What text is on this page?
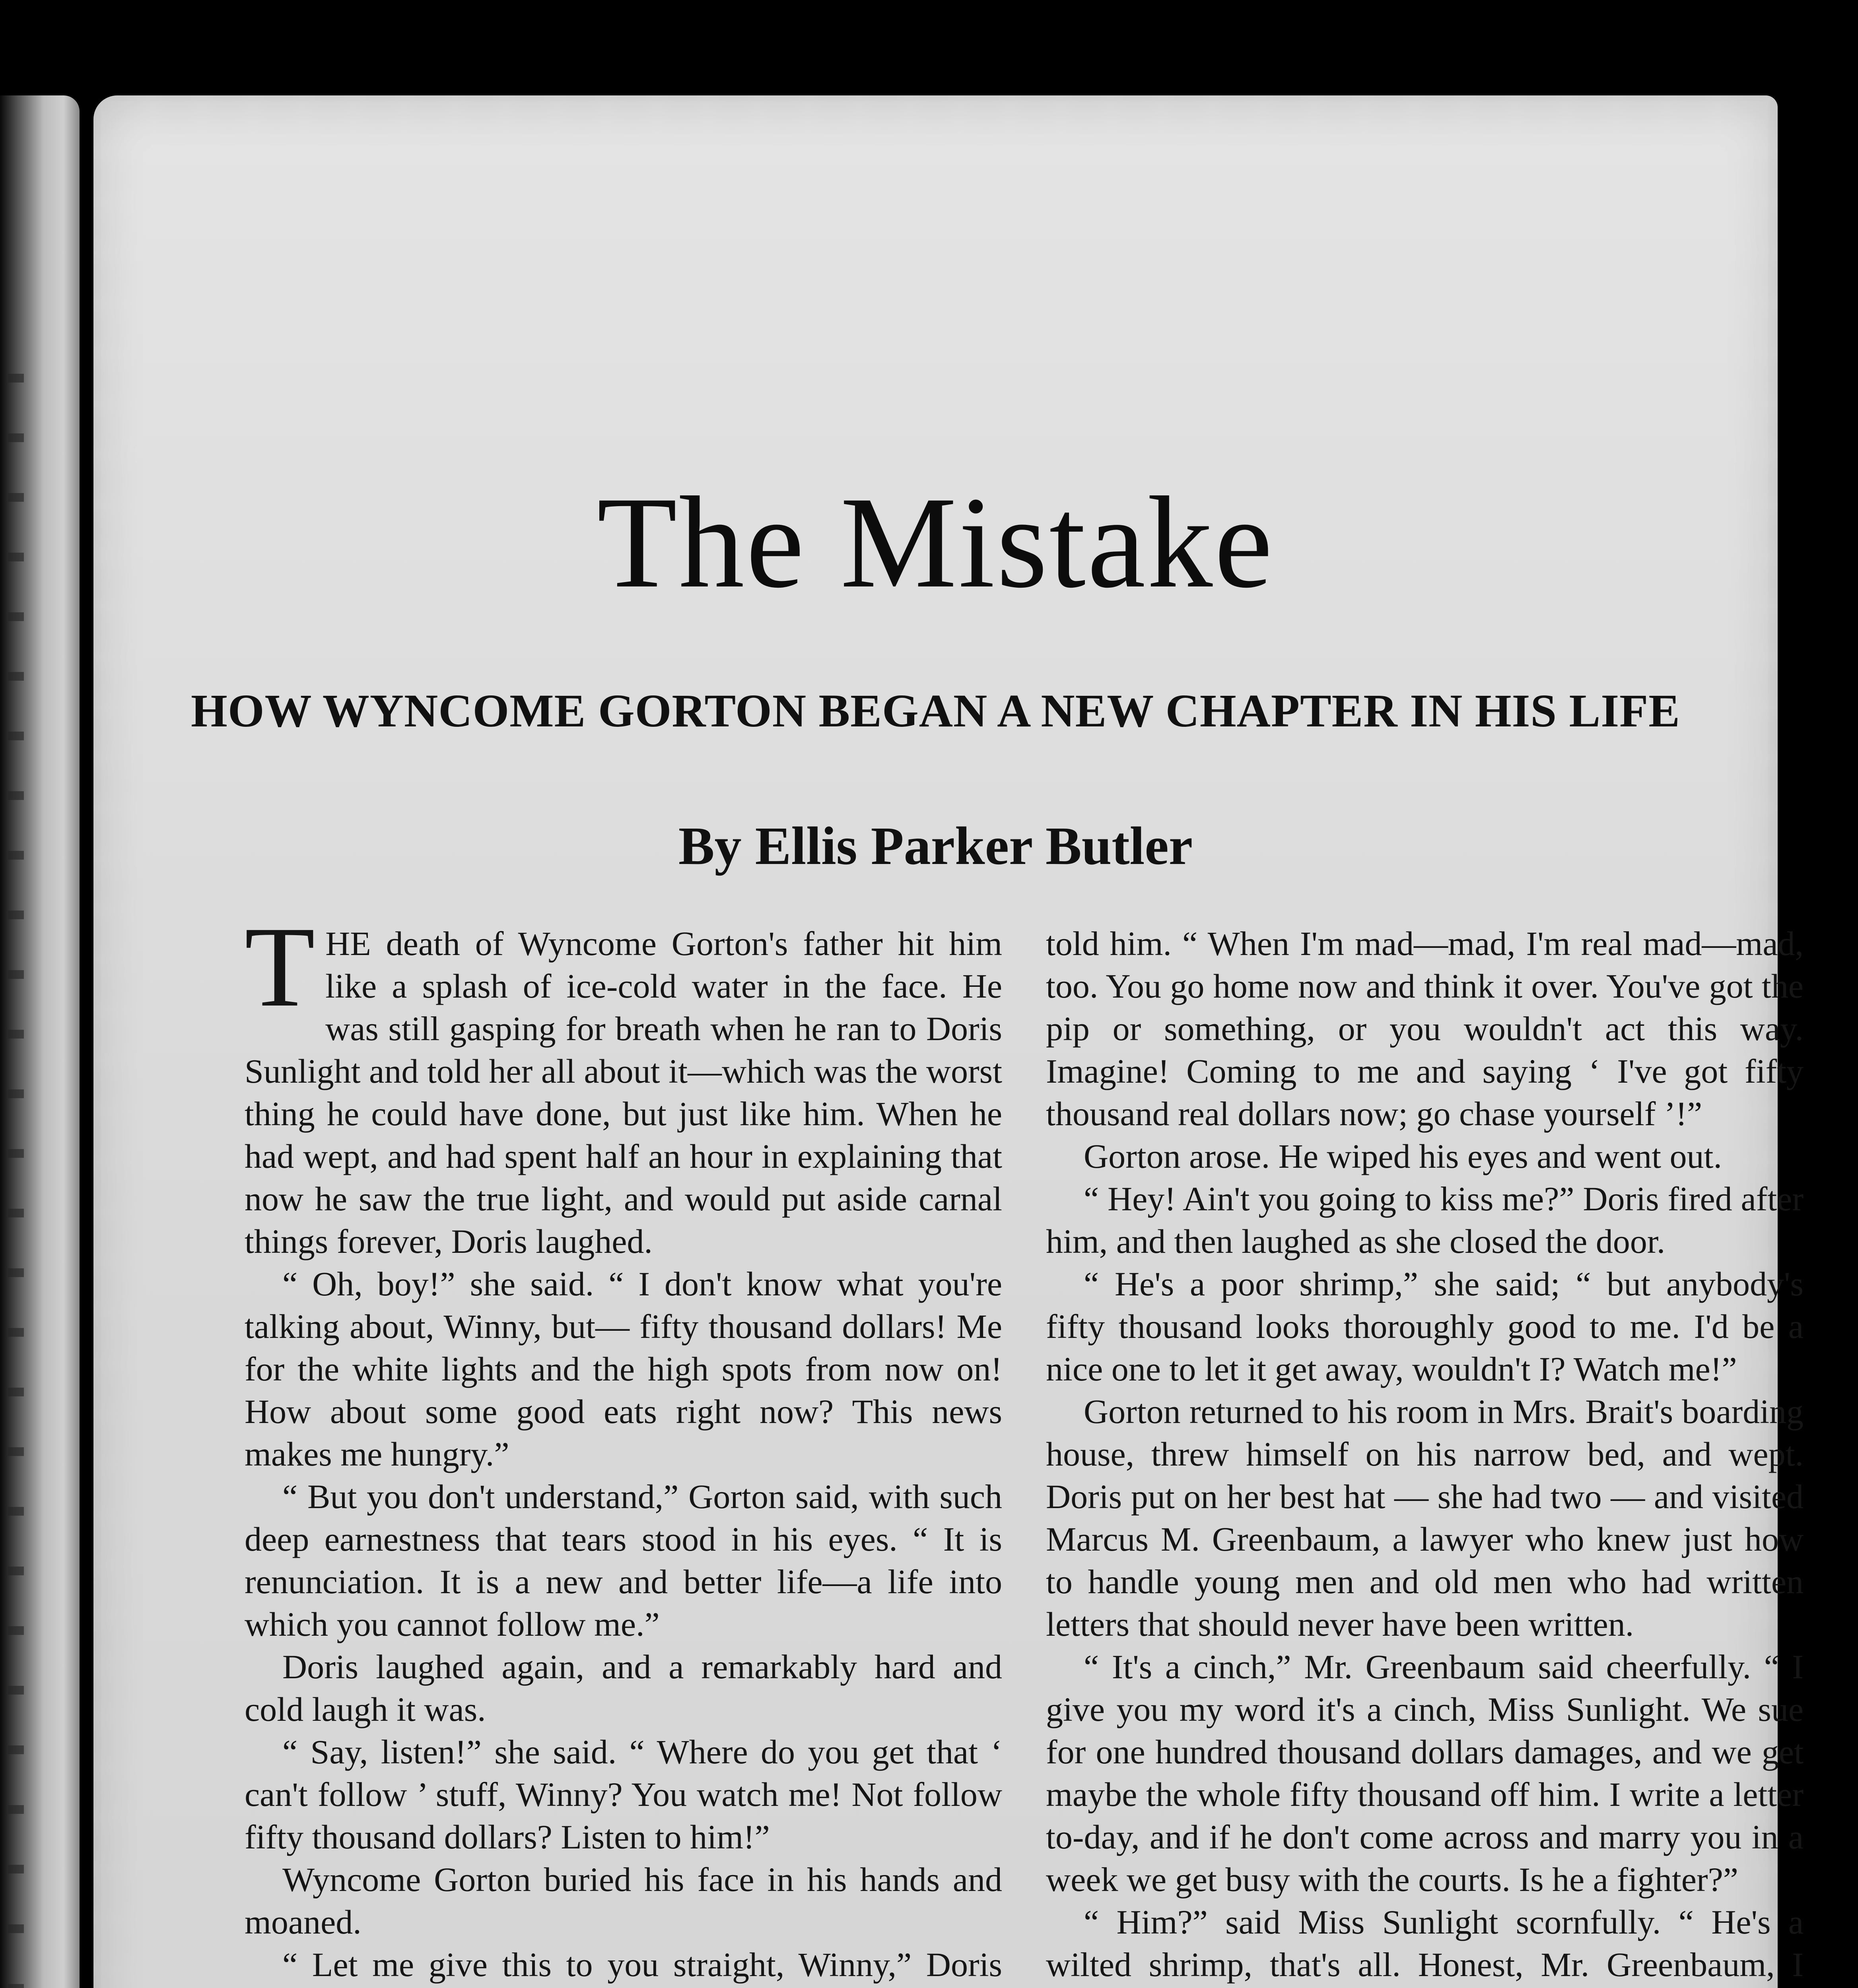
The Mistake
HOW WYNCOME GORTON BEGAN A NEW CHAPTER IN HIS LIFE
By Ellis Parker Butler

THE death of Wyncome Gorton's father hit him like a splash of ice-cold water in the face. He was still gasping for breath when he ran to Doris Sunlight and told her all about it—which was the worst thing he could have done, but just like him. When he had wept, and had spent half an hour in explaining that now he saw the true light, and would put aside carnal things forever, Doris laughed.

“ Oh, boy!” she said. “ I don't know what you're talking about, Winny, but— fifty thousand dollars! Me for the white lights and the high spots from now on! How about some good eats right now? This news makes me hungry.”

“ But you don't understand,” Gorton said, with such deep earnestness that tears stood in his eyes. “ It is renunciation. It is a new and better life—a life into which you cannot follow me.”

Doris laughed again, and a remarkably hard and cold laugh it was.

“ Say, listen!” she said. “ Where do you get that ‘ can't follow ’ stuff, Winny? You watch me! Not follow fifty thousand dollars? Listen to him!”

Wyncome Gorton buried his face in his hands and moaned.

“ Let me give this to you straight, Winny,” Doris

told him. “ When I'm mad—mad, I'm real mad—mad, too. You go home now and think it over. You've got the pip or something, or you wouldn't act this way. Imagine! Coming to me and saying ‘ I've got fifty thousand real dollars now; go chase yourself ’!”

Gorton arose. He wiped his eyes and went out.

“ Hey! Ain't you going to kiss me?” Doris fired after him, and then laughed as she closed the door.

“ He's a poor shrimp,” she said; “ but anybody's fifty thousand looks thoroughly good to me. I'd be a nice one to let it get away, wouldn't I? Watch me!”

Gorton returned to his room in Mrs. Brait's boarding house, threw himself on his narrow bed, and wept. Doris put on her best hat — she had two — and visited Marcus M. Greenbaum, a lawyer who knew just how to handle young men and old men who had written letters that should never have been written.

“ It's a cinch,” Mr. Greenbaum said cheerfully. “ I give you my word it's a cinch, Miss Sunlight. We sue for one hundred thousand dollars damages, and we get maybe the whole fifty thousand off him. I write a letter to-day, and if he don't come across and marry you in a week we get busy with the courts. Is he a fighter?”

“ Him?” said Miss Sunlight scornfully. “ He's a wilted shrimp, that's all. Honest, Mr. Greenbaum, I
